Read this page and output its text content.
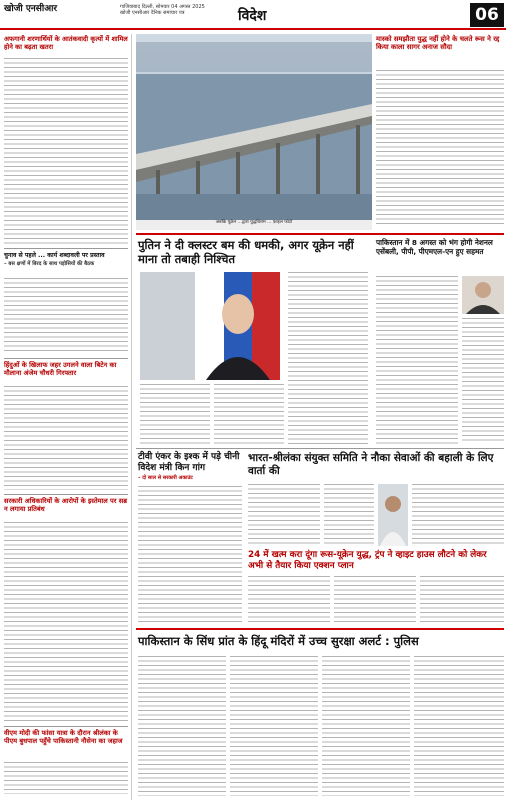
खोजी एनसीआर	गाजियाबाद दिल्ली, सोमवार 04 अगस्त 2025
खोजी एनसीआर दैनिक समाचार पत्र	विदेश	06
अफगानी शरणार्थियों के आतंकवादी कृत्यों में शामिल होने का बढ़ता खतरा
चुनाव से पहले ... कार्य शब्दावली पर प्रस्ताव
– बस क्षणों में बिरद के साथ पड़ोसियों की बैठक
हिंदुओं के खिलाफ जहर उगलने वाला बिटेन का मौलाना अंजेम चौधरी गिरफ्तार
सरकारी अधिकारियों के आरोपों के इस्तेमाल पर सब्र न लगाया प्रतिबंध
वीएम मोदी की फांसा यात्रा के दौरान श्रीलंका के पीएम बुधपाल पहुँचे पाकिस्तानी नौसेना का जहाज
जबकि यूक्रेन ...द्वारा युद्धविराम ... फ़ाइल फोटो
मास्को समझौता युद्ध नहीं होने के चलते रूस ने रद्द किया काला सागर अनाज सौदा
पुतिन ने दी क्लस्टर बम की धमकी, अगर यूक्रेन नहीं माना तो तबाही निश्चित
पाकिस्तान में 8 अगस्त को भंग होगी नेशनल एसेंबली, पीपी, पीएमएल-एन हुए सहमत
टीवी एंकर के इश्क में पड़े चीनी विदेश मंत्री किन गांग
– दो साल से सरकारी अकाउंट
भारत-श्रीलंका संयुक्त समिति ने नौका सेवाओं की बहाली के लिए वार्ता की
24 में खत्म करा दूंगा रूस-यूक्रेन युद्ध, ट्रंप ने व्हाइट हाउस लौटने को लेकर अभी से तैयार किया एक्शन प्लान
पाकिस्तान के सिंध प्रांत के हिंदू मंदिरों में उच्च सुरक्षा अलर्ट : पुलिस
